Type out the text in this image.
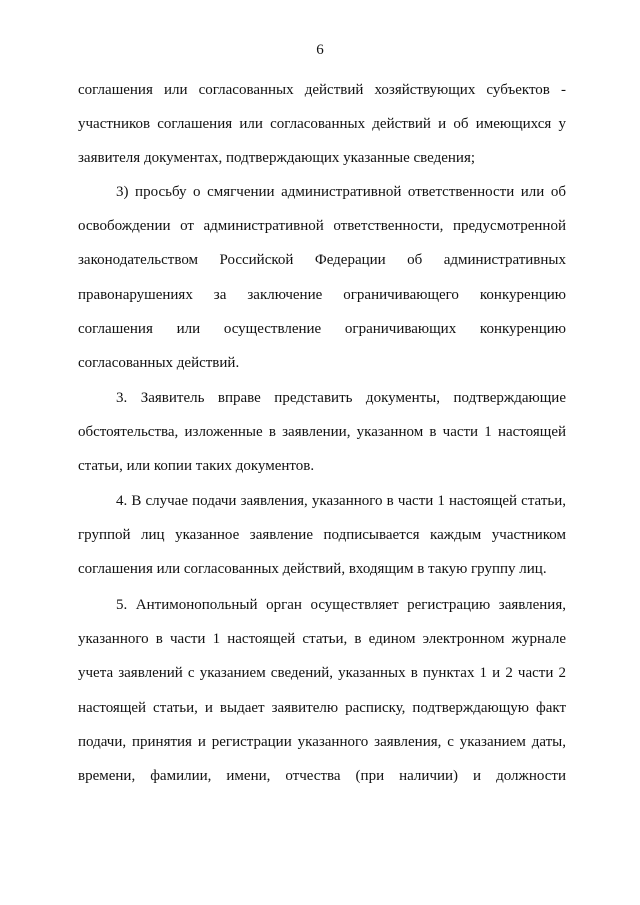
6
соглашения или согласованных действий хозяйствующих субъектов -
участников соглашения или согласованных действий и об имеющихся у
заявителя документах, подтверждающих указанные сведения;
3) просьбу о смягчении административной ответственности или об
освобождении от административной ответственности, предусмотренной
законодательством Российской Федерации об административных
правонарушениях за заключение ограничивающего конкуренцию
соглашения или осуществление ограничивающих конкуренцию
согласованных действий.
3. Заявитель вправе представить документы, подтверждающие
обстоятельства, изложенные в заявлении, указанном в части 1 настоящей
статьи, или копии таких документов.
4. В случае подачи заявления, указанного в части 1 настоящей статьи,
группой лиц указанное заявление подписывается каждым участником
соглашения или согласованных действий, входящим в такую группу лиц.
5. Антимонопольный орган осуществляет регистрацию заявления,
указанного в части 1 настоящей статьи, в едином электронном журнале
учета заявлений с указанием сведений, указанных в пунктах 1 и 2 части 2
настоящей статьи, и выдает заявителю расписку, подтверждающую факт
подачи, принятия и регистрации указанного заявления, с указанием даты,
времени, фамилии, имени, отчества (при наличии) и должности
